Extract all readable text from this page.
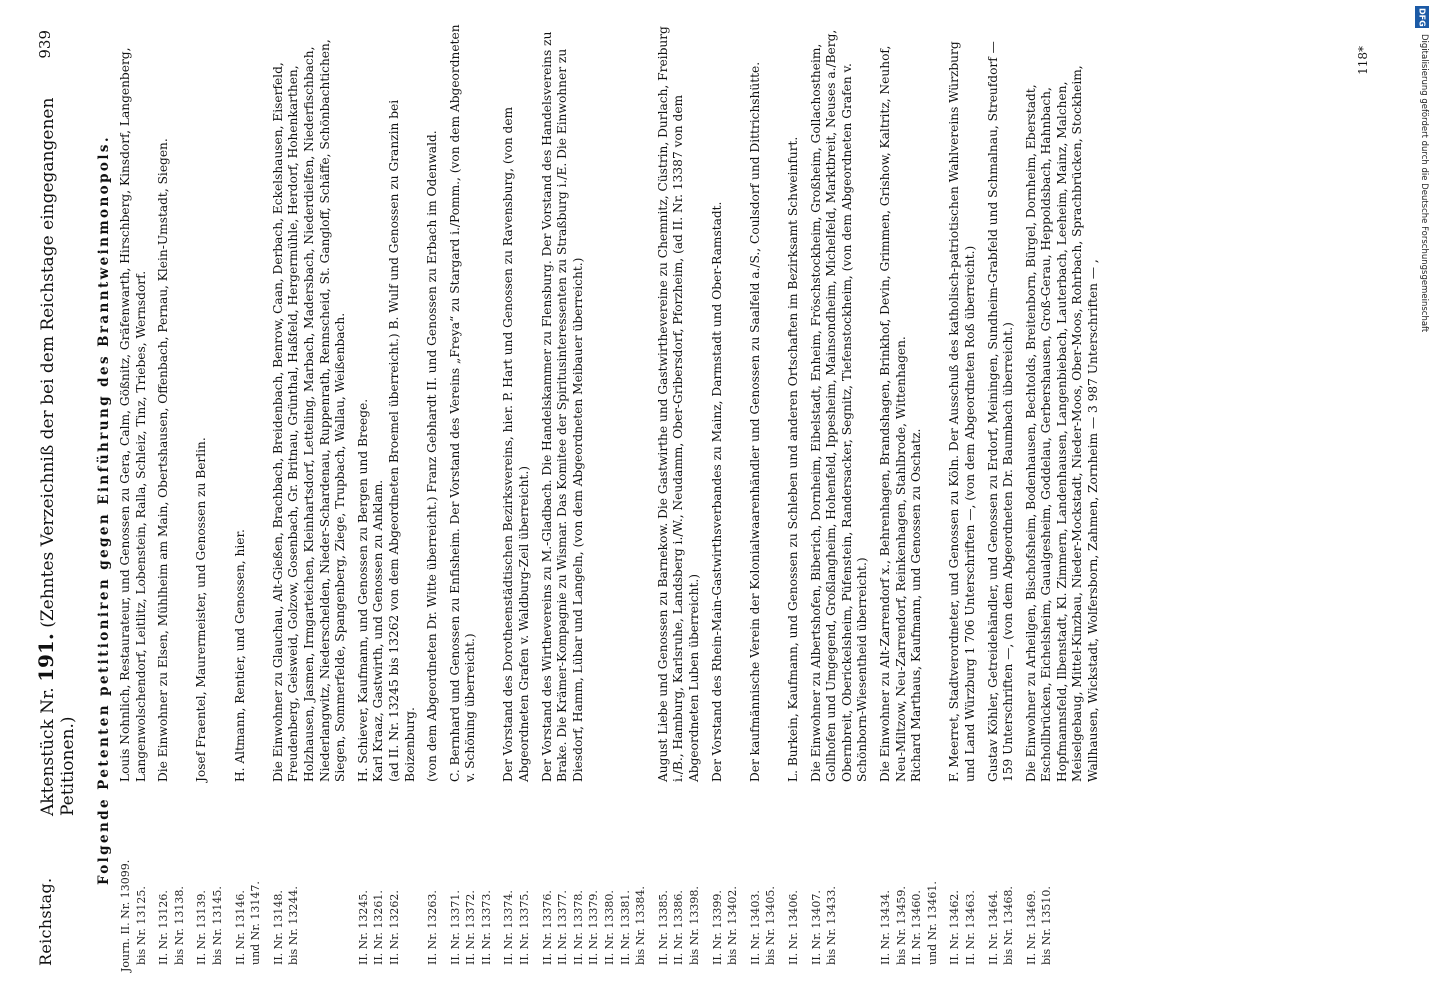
Reichstag.
Aktenstück Nr. 191. (Zehntes Verzeichniß der bei dem Reichstage eingegangenen Petitionen.)
939
Folgende Petenten petitioniren gegen Einführung des Branntweinmonopols.
Journ. II. Nr. 13099.
bis Nr. 13125.
Louis Nohnlich, Restaurateur, und Genossen zu Gera, Calm, Gößnitz, Gräfenwarth, Hirschberg, Kinsdorf, Langenberg, Langenwolschendorf, Leitlitz, Lobenstein, Ralla, Schleiz, Tinz, Triebes, Wernsdorf.
II. Nr. 13126.
bis Nr. 13138.
Die Einwohner zu Elsen, Mühlheim am Main, Obertshausen, Offenbach, Pernau, Klein-Umstadt, Siegen.
II. Nr. 13139.
bis Nr. 13145.
Josef Fraentel, Maurermeister, und Genossen zu Berlin.
II. Nr. 13146.
und Nr. 13147.
H. Altmann, Rentier, und Genossen, hier.
II. Nr. 13148.
bis Nr. 13244.
Die Einwohner zu Glauchau, Alt-Gießen, Brachbach, Breidenbach, Benrow, Caan, Derbach, Eckelshausen, Eiserfeld, Freudenberg, Geisweid, Golzow, Gosenbach, Gr. Britnau, Grünthal, Haßfeld, Hergermühle, Herdorf, Hohenkarthen, Holzhausen, Jasmen, Irmgarteichen, Kleinhartsdorf, Letteling, Marbach, Madersbach, Niederdielfen, Niederfischbach, Niederlangwitz, Niederschelden, Nieder-Schardenau, Ruppenrath, Rennscheid, St. Gangloff, Schäffe, Schönbachtichen, Siegen, Sommerfelde, Spangenberg, Ziege, Trupbach, Wallau, Weißenbach.
II. Nr. 13245.
H. Schiever, Kaufmann, und Genossen zu Bergen und Breege.
II. Nr. 13261.
Karl Kraaz, Gastwirth, und Genossen zu Anklam.
II. Nr. 13262.
(ad II. Nr. 13245 bis 13262 von dem Abgeordneten Broemel überreicht.) B. Wulf und Genossen zu Granzin bei Boizenburg.
II. Nr. 13263.
(von dem Abgeordneten Dr. Witte überreicht.) Franz Gebhardt II. und Genossen zu Erbach im Odenwald.
II. Nr. 13371.
II. Nr. 13372.
II. Nr. 13373.
C. Bernhard und Genossen zu Enfisheim. Der Vorstand des Vereins „Freya“ zu Stargard i./Pomm., (von dem Abgeordneten v. Schöning überreicht.)
II. Nr. 13374.
II. Nr. 13375.
Der Vorstand des Dorotheenstädtischen Bezirksvereins, hier. P. Hart und Genossen zu Ravensburg, (von dem Abgeordneten Grafen v. Waldburg-Zeil überreicht.)
II. Nr. 13376.
II. Nr. 13377.
II. Nr. 13378.
II. Nr. 13379.
II. Nr. 13380.
II. Nr. 13381.
bis Nr. 13384.
Der Vorstand des Wirthevereins zu M.-Gladbach. Die Handelskammer zu Flensburg. Der Vorstand des Handelsvereins zu Brake. Die Krämer-Kompagnie zu Wismar. Das Komitee der Spiritusinteressenten zu Straßburg i./E. Die Einwohner zu Diesdorf, Hamm, Lübar und Langeln, (von dem Abgeordneten Meibauer überreicht.)
II. Nr. 13385.
II. Nr. 13386.
bis Nr. 13398.
August Liebe und Genossen zu Barnekow. Die Gastwirthe und Gastwirthevereine zu Chemnitz, Cüstrin, Durlach, Freiburg i./B., Hamburg, Karlsruhe, Landsberg i./W., Neudamm, Ober-Gribersdorf, Pforzheim, (ad II. Nr. 13387 von dem Abgeordneten Luben überreicht.)
II. Nr. 13399.
bis Nr. 13402.
Der Vorstand des Rhein-Main-Gastwirthsverbandes zu Mainz, Darmstadt und Ober-Ramstadt.
II. Nr. 13403.
bis Nr. 13405.
Der kaufmännische Verein der Kolonialwaarenhändler und Genossen zu Saalfeld a./S., Coulsdorf und Dittrichshütte.
II. Nr. 13406.
L. Burkein, Kaufmann, und Genossen zu Schleben und anderen Ortschaften im Bezirksamt Schweinfurt.
II. Nr. 13407.
bis Nr. 13433.
Die Einwohner zu Albertshofen, Biberich, Dornheim, Eibelstadt, Enheim, Fröschstockheim, Großheim, Gollachostheim, Gollhofen und Umgegend, Großlangheim, Hohenfeld, Ippesheim, Mainsondheim, Michelfeld, Marktbreit, Neuses a./Berg, Obernbreit, Oberickelsheim, Püfenstein, Randersacker, Segnitz, Tiefenstockheim, (von dem Abgeordneten Grafen v. Schönborn-Wiesentheid überreicht.)
II. Nr. 13434.
bis Nr. 13459.
Die Einwohner zu Alt-Zarrendorf x., Behrenhagen, Brandshagen, Brinkhof, Devin, Grimmen, Grishow, Kaltritz, Neuhof, Neu-Miltzow, Neu-Zarrendorf, Reinkenhagen, Stahlbrode, Wittenhagen.
II. Nr. 13460.
und Nr. 13461.
Richard Marthaus, Kaufmann, und Genossen zu Oschatz.
II. Nr. 13462.
II. Nr. 13463.
F. Meerret, Stadtverordneter, und Genossen zu Köln. Der Ausschuß des katholisch-patriotischen Wahlvereins Würzburg und Land Würzburg 1 706 Unterschriften —, (von dem Abgeordneten Roß überreicht.)
II. Nr. 13464.
bis Nr. 13468.
Gustav Köhler, Getreidehändler, und Genossen zu Erdorf, Meiningen, Sundheim-Grabfeld und Schmalnau, Streufdorf — 159 Unterschriften —, (von dem Abgeordneten Dr. Baumbach überreicht.)
II. Nr. 13469.
bis Nr. 13510.
Die Einwohner zu Arheilgen, Bischofsheim, Bodenhausen, Bechtolds, Breitenborn, Bürgel, Dornheim, Eberstadt, Eschollbrücken, Eichelsheim, Gaualgesheim, Goddelau, Gerbershausen, Groß-Gerau, Heppoldsbach, Hahnbach, Hopfmannsfeld, Ilbenstadt, Kl. Zimmern, Landenhausen, Langenbiebach, Lauterbach, Leeheim, Mainz, Malchen, Meiselgebaug, Mittel-Kinzbau, Nieder-Mockstadt, Nieder-Moos, Ober-Moos, Rohrbach, Sprachbrücken, Stockheim, Wallhausen, Wickstadt, Wolfersborn, Zahmen, Zornheim — 3 987 Unterschriften — ,
118*
DFG
Digitalisierung gefördert durch die Deutsche Forschungsgemeinschaft
